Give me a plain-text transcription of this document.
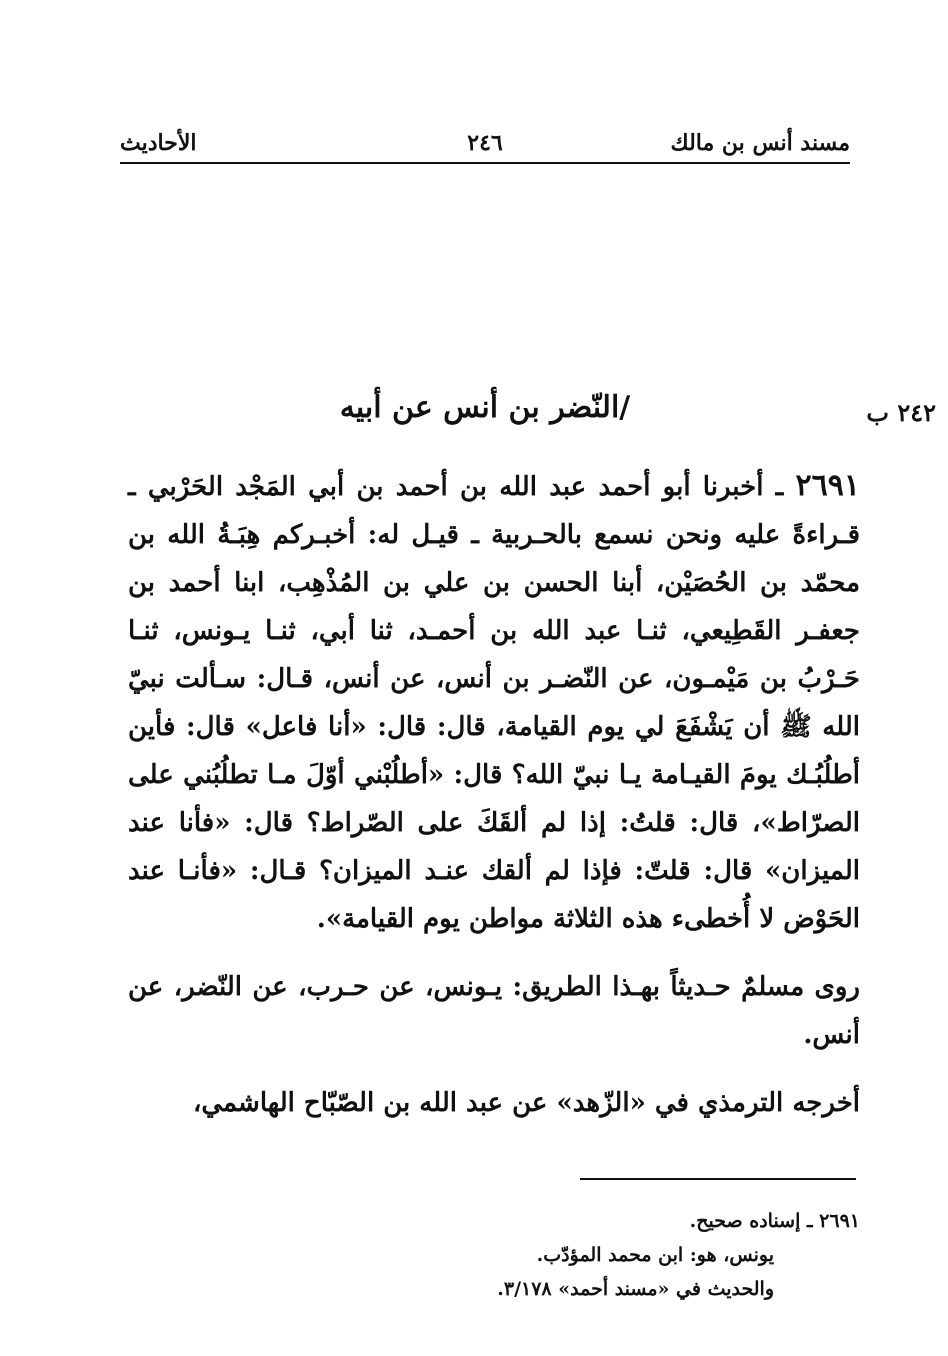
مسند أنس بن مالك
٢٤٦
الأحاديث
٢٤٢ ب
/النّضر بن أنس عن أبيه

٢٦٩١ ـ أخبرنا أبو أحمد عبد الله بن أحمد بن أبي المَجْد الحَرْبي ـ قـراءةً عليه ونحن نسمع بالحـربية ـ قيـل له: أخبـركم هِبَـةُ الله بن محمّد بن الحُصَيْن، أبنا الحسن بن علي بن المُذْهِب، ابنا أحمد بن جعفـر القَطِيعي، ثنـا عبد الله بن أحمـد، ثنا أبي، ثنـا يـونس، ثنـا حَـرْبُ بن مَيْمـون، عن النّضـر بن أنس، عن أنس، قـال: سـألت نبيّ الله ﷺ أن يَشْفَعَ لي يوم القيامة، قال: قال: «أنا فاعل» قال: فأين أطلُبُـك يومَ القيـامة يـا نبيّ الله؟ قال: «أطلُبْني أوّلَ مـا تطلُبُني على الصرّاط»، قال: قلتُ: إذا لم ألقَكَ على الصّراط؟ قال: «فأنا عند الميزان» قال: قلتّ: فإذا لم ألقك عنـد الميزان؟ قـال: «فأنـا عند الحَوْض لا أُخطىء هذه الثلاثة مواطن يوم القيامة».

روى مسلمٌ حـديثاً بهـذا الطريق: يـونس، عن حـرب، عن النّضر، عن أنس.

أخرجه الترمذي في «الزّهد» عن عبد الله بن الصّبّاح الهاشمي،

٢٦٩١ ـ إسناده صحيح.
يونس، هو: ابن محمد المؤدّب.
والحديث في «مسند أحمد» ٣/١٧٨.
